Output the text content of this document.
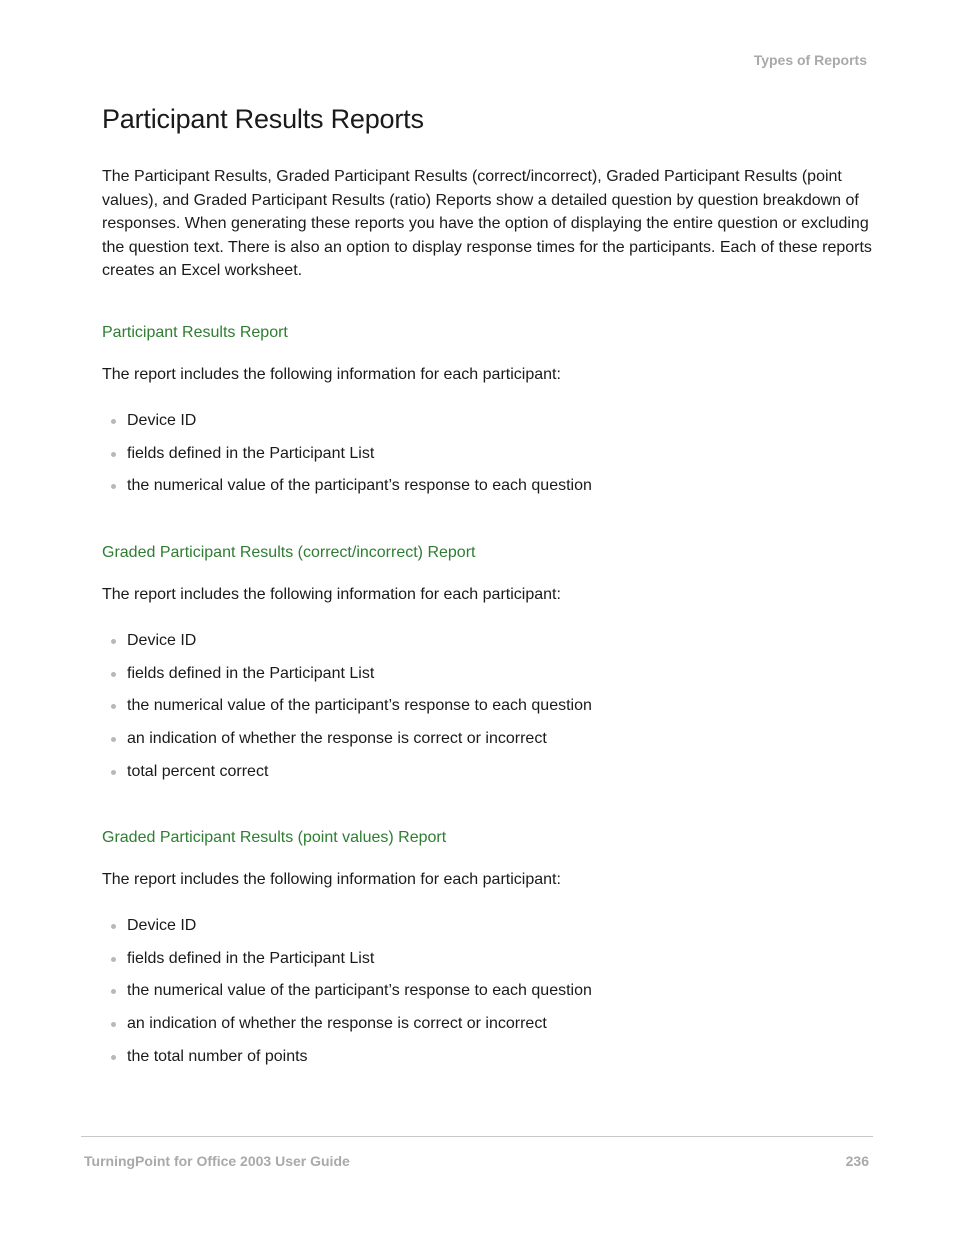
Types of Reports
Participant Results Reports

The Participant Results, Graded Participant Results (correct/incorrect), Graded Participant Results (point values), and Graded Participant Results (ratio) Reports show a detailed question by question breakdown of responses. When generating these reports you have the option of displaying the entire question or excluding the question text. There is also an option to display response times for the participants. Each of these reports creates an Excel worksheet.

Participant Results Report

The report includes the following information for each participant:

Device ID
fields defined in the Participant List
the numerical value of the participant’s response to each question
Graded Participant Results (correct/incorrect) Report

The report includes the following information for each participant:

Device ID
fields defined in the Participant List
the numerical value of the participant’s response to each question
an indication of whether the response is correct or incorrect
total percent correct
Graded Participant Results (point values) Report

The report includes the following information for each participant:

Device ID
fields defined in the Participant List
the numerical value of the participant’s response to each question
an indication of whether the response is correct or incorrect
the total number of points
TurningPoint for Office 2003 User Guide	236
